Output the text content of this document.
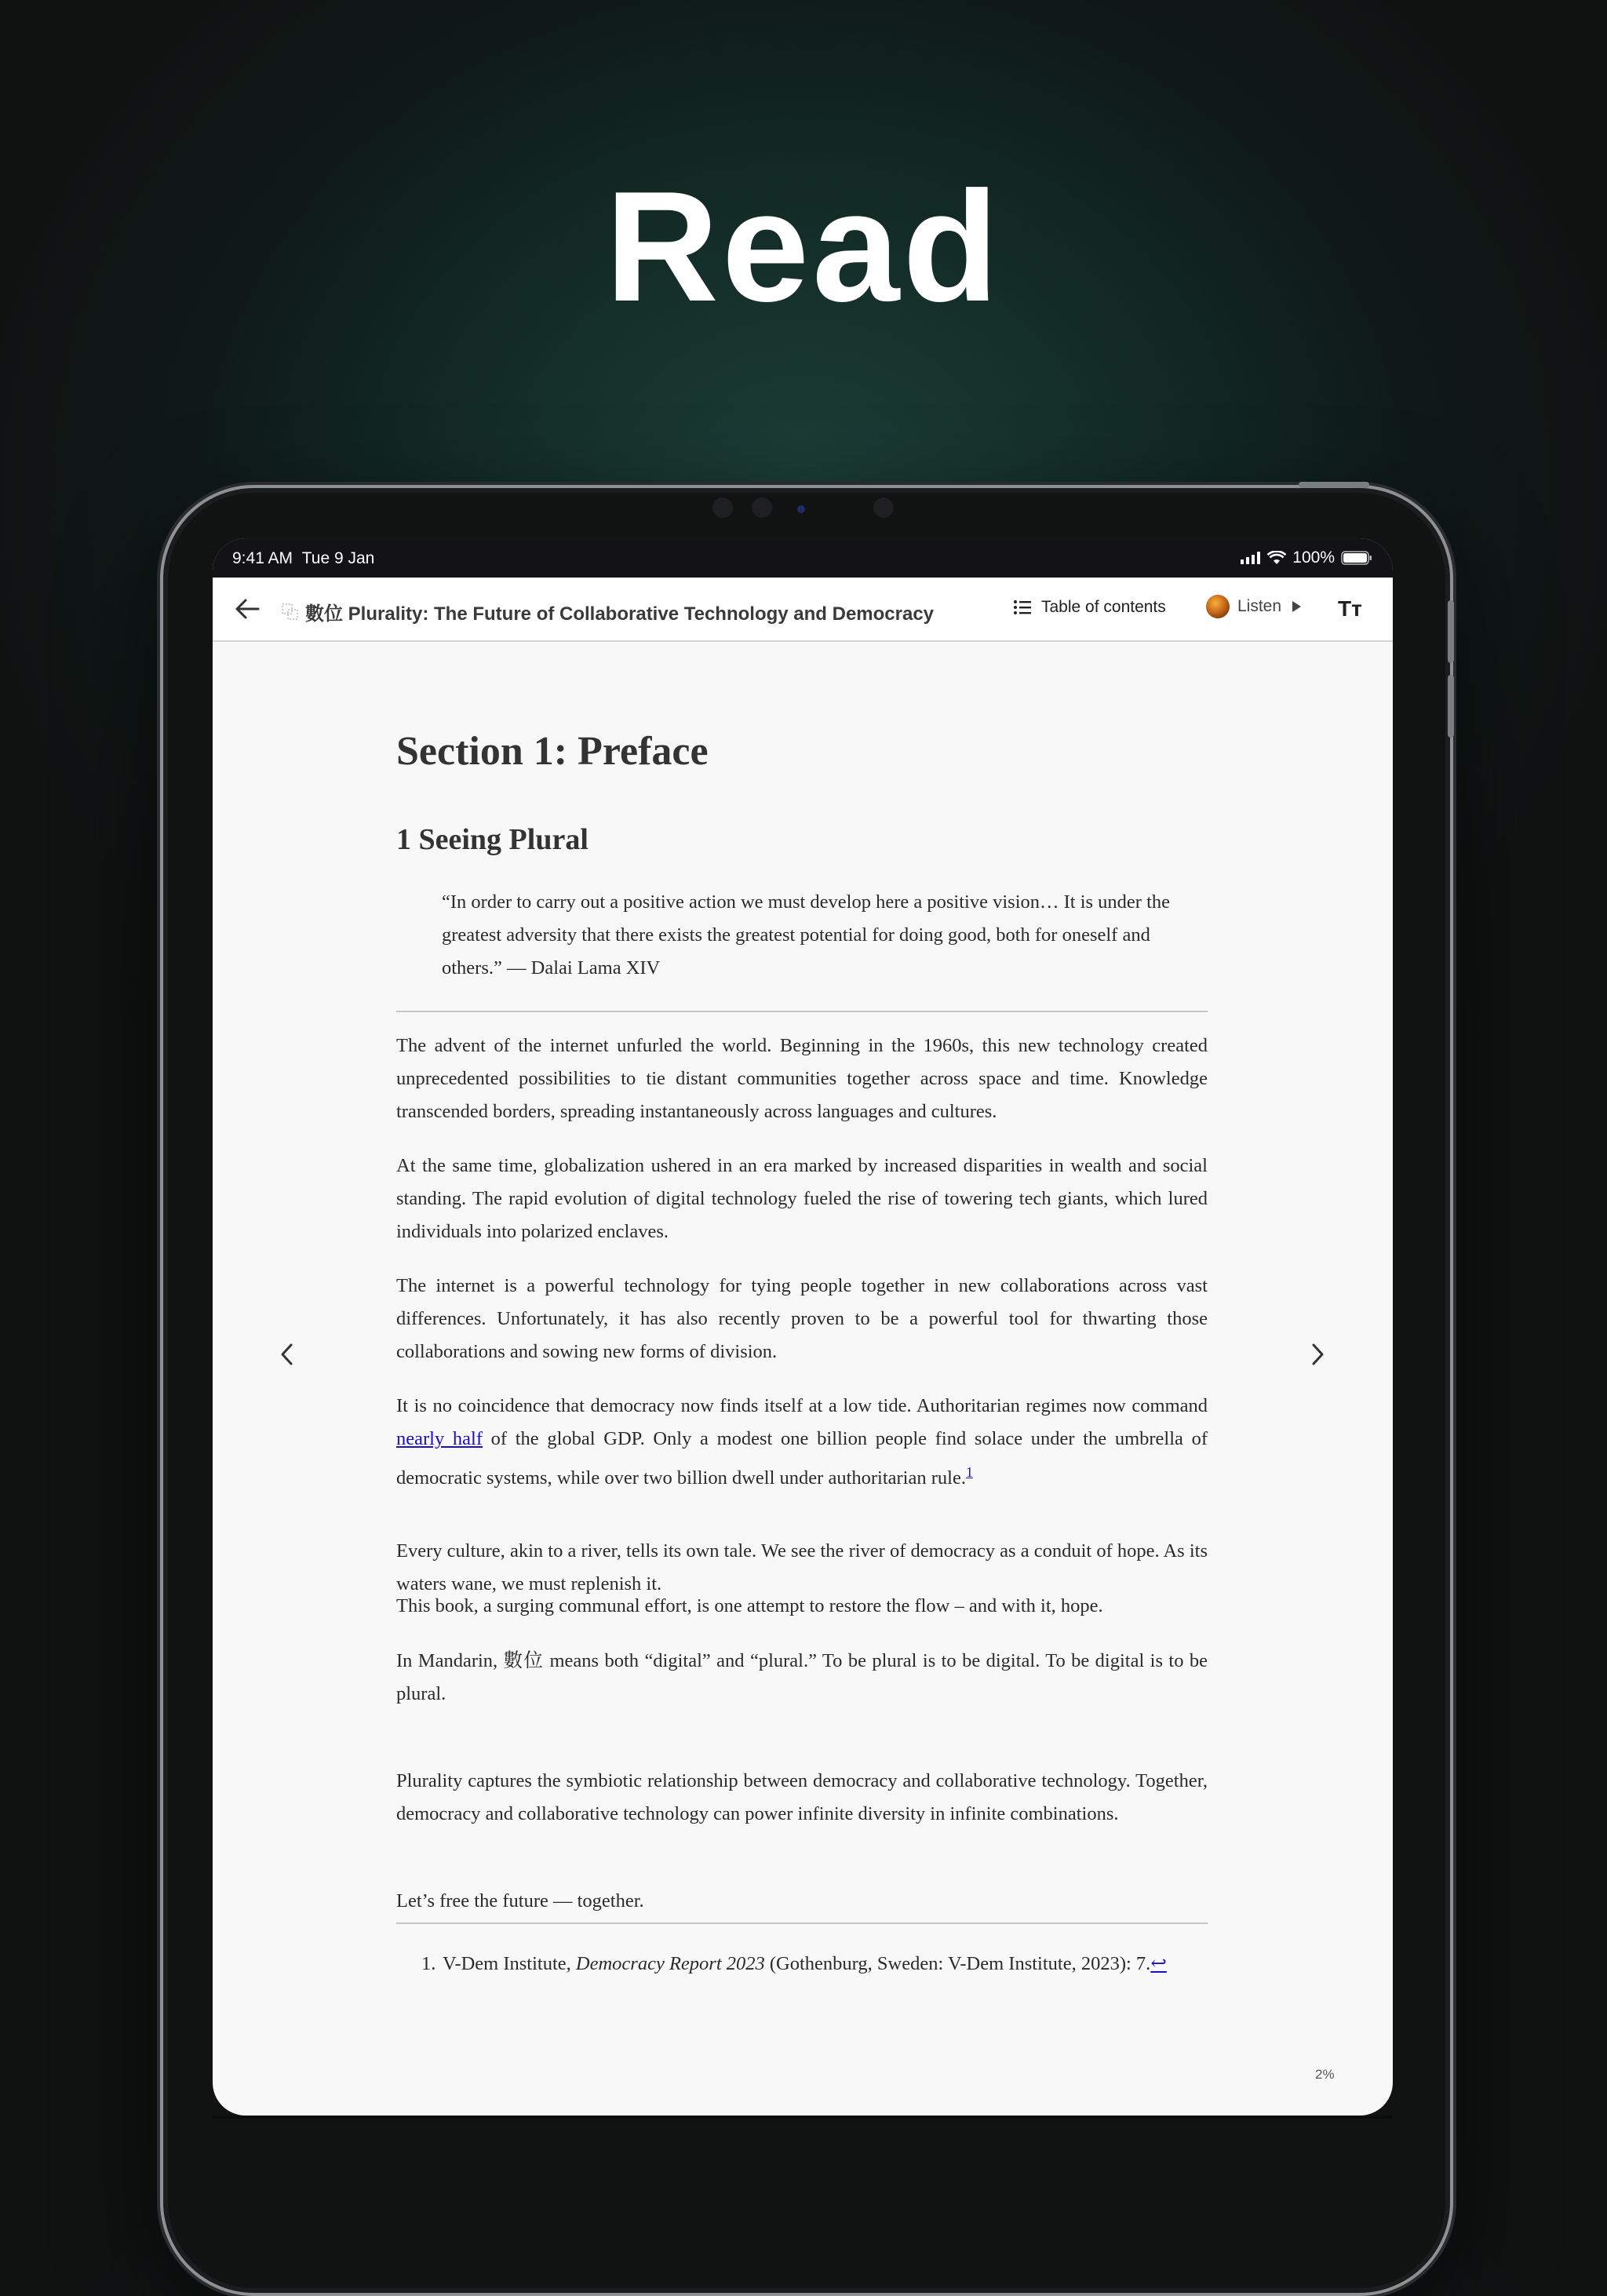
Read
9:41 AM Tue 9 Jan	100%
數位 Plurality: The Future of Collaborative Technology and Democracy	Table of contents	Listen	Tт
Section 1: Preface
1 Seeing Plural
“In order to carry out a positive action we must develop here a positive vision… It is under the greatest adversity that there exists the greatest potential for doing good, both for oneself and others.” — Dalai Lama XIV
The advent of the internet unfurled the world. Beginning in the 1960s, this new technology created unprecedented possibilities to tie distant communities together across space and time. Knowledge transcended borders, spreading instantaneously across languages and cultures.
At the same time, globalization ushered in an era marked by increased disparities in wealth and social standing. The rapid evolution of digital technology fueled the rise of towering tech giants, which lured individuals into polarized enclaves.
The internet is a powerful technology for tying people together in new collaborations across vast differences. Unfortunately, it has also recently proven to be a powerful tool for thwarting those collaborations and sowing new forms of division.
It is no coincidence that democracy now finds itself at a low tide. Authoritarian regimes now command nearly half of the global GDP. Only a modest one billion people find solace under the umbrella of democratic systems, while over two billion dwell under authoritarian rule.$^1$
Every culture, akin to a river, tells its own tale. We see the river of democracy as a conduit of hope. As its waters wane, we must replenish it.
This book, a surging communal effort, is one attempt to restore the flow – and with it, hope.
In Mandarin, 數位 means both “digital” and “plural.” To be plural is to be digital. To be digital is to be plural.
Plurality captures the symbiotic relationship between democracy and collaborative technology. Together, democracy and collaborative technology can power infinite diversity in infinite combinations.
Let’s free the future — together.
1. V-Dem Institute, Democracy Report 2023 (Gothenburg, Sweden: V-Dem Institute, 2023): 7.↩
2%
